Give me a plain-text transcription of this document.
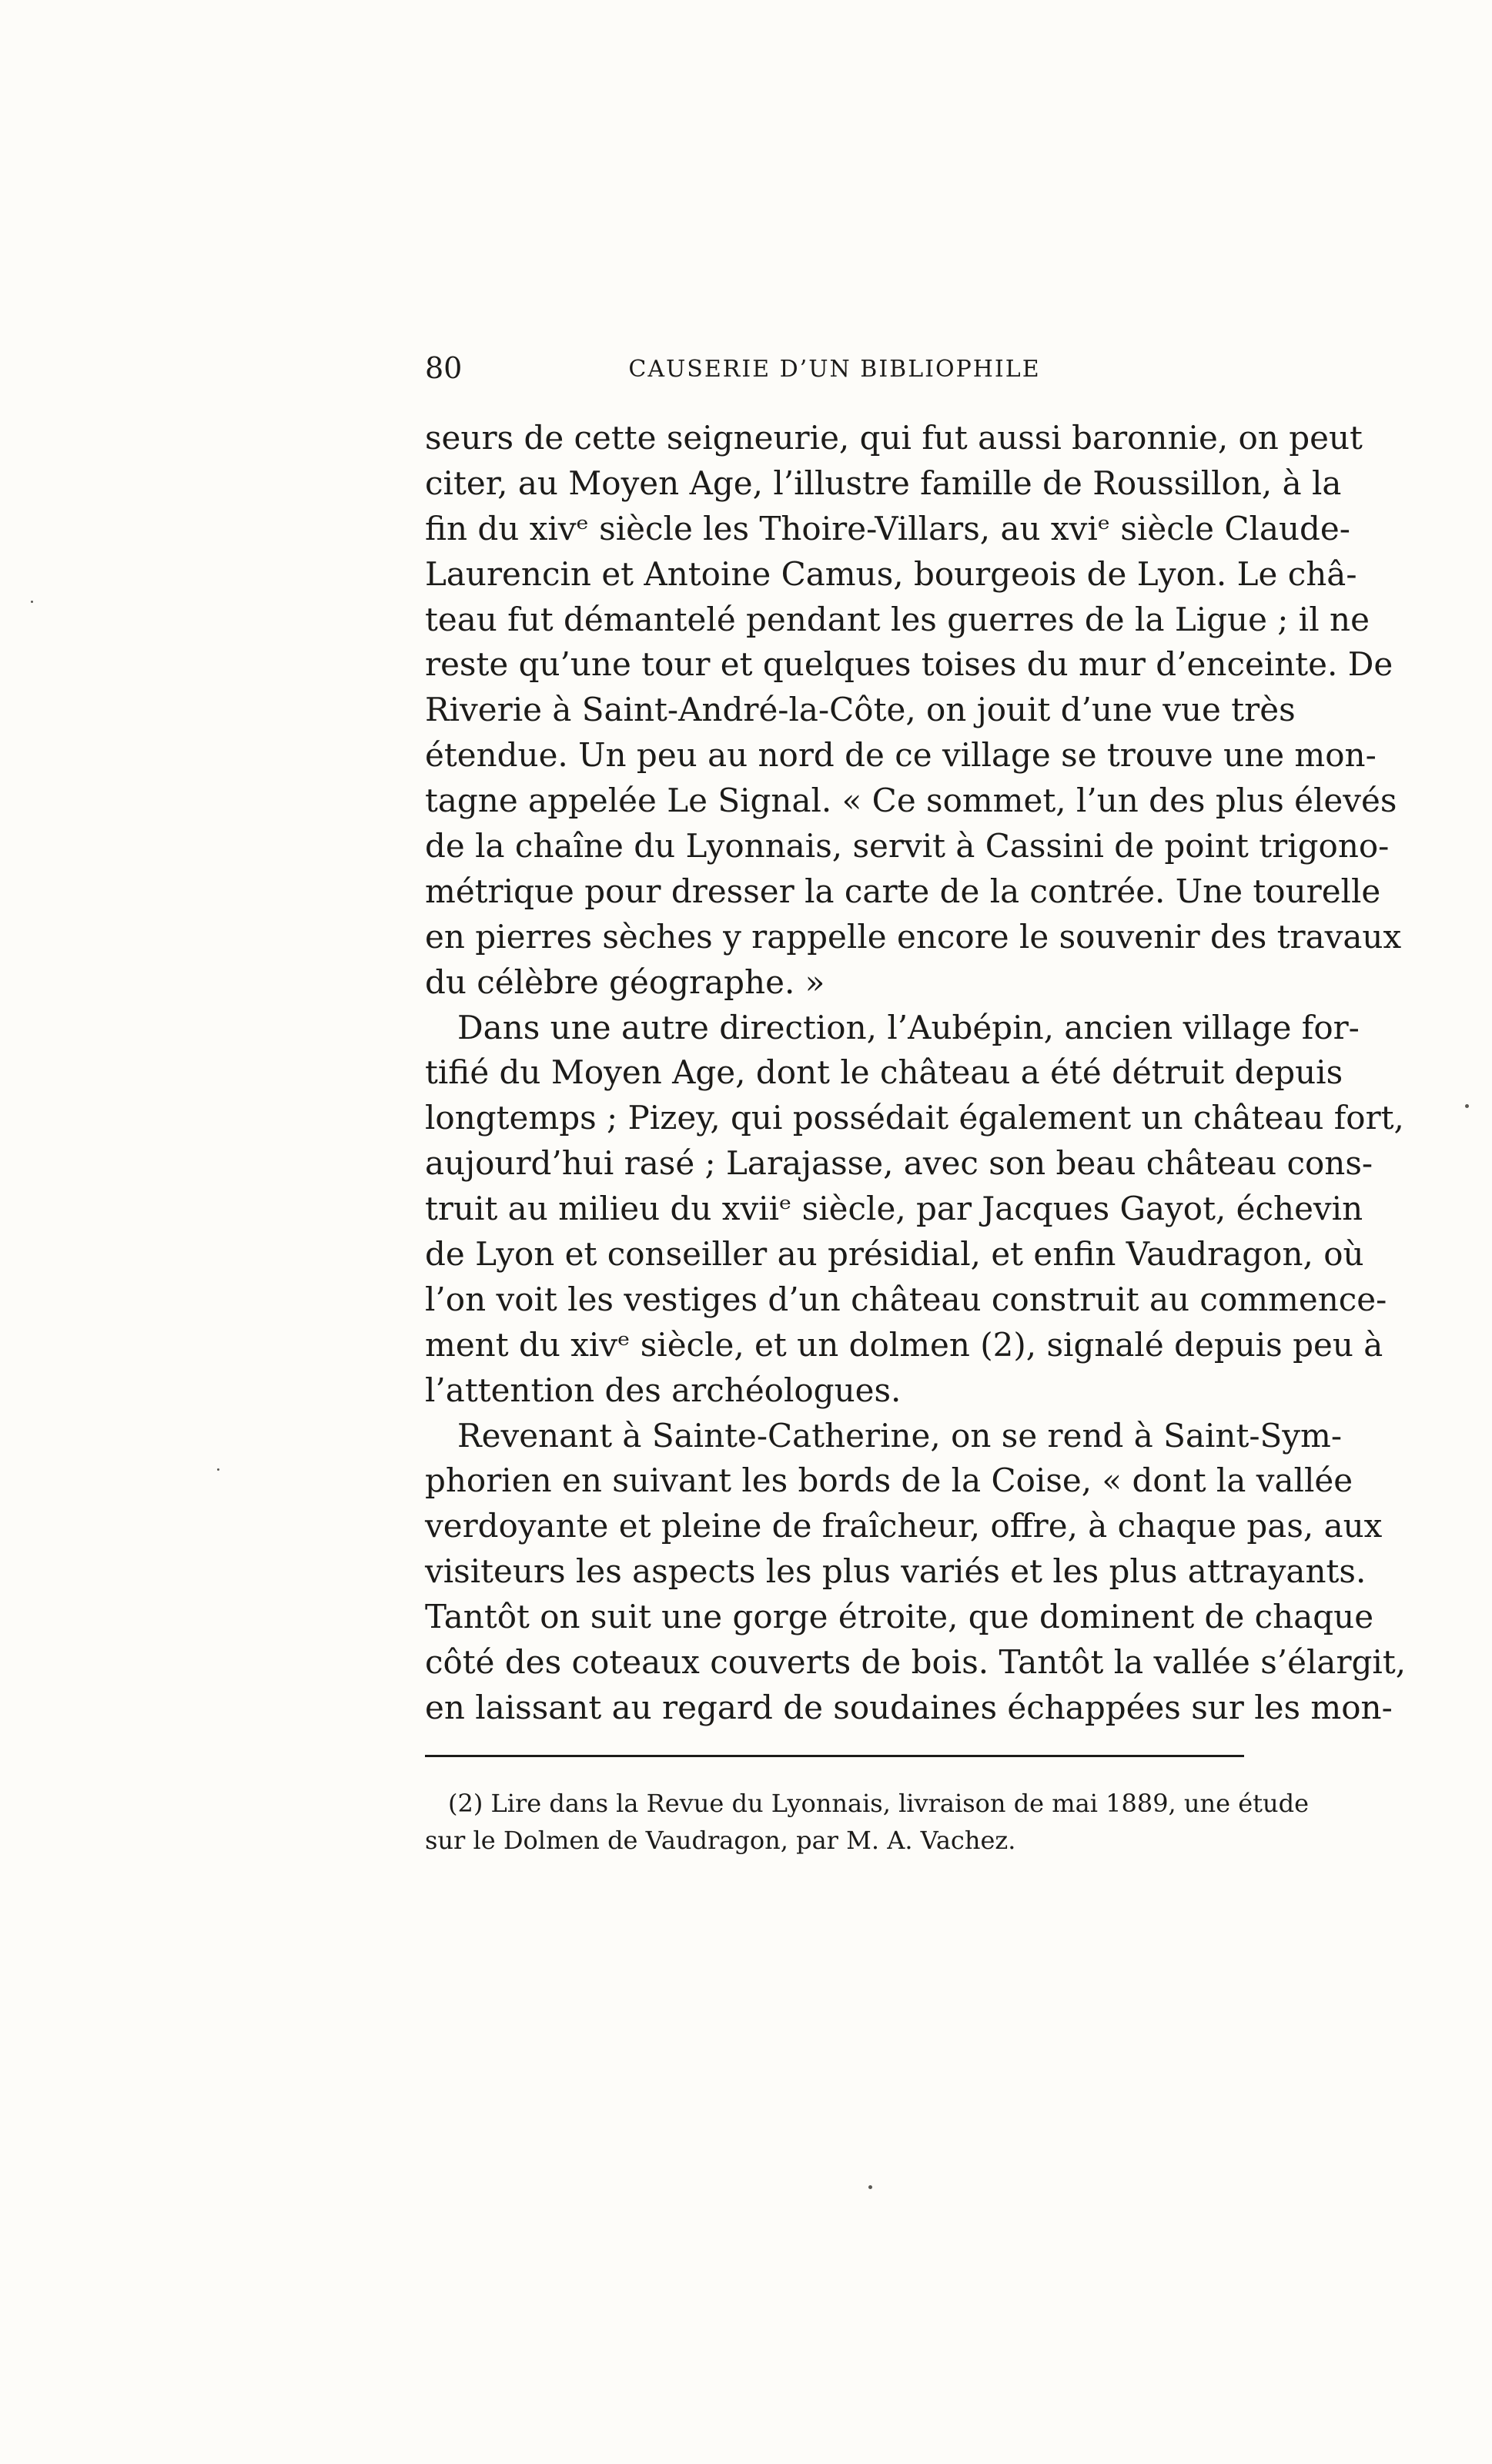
80	CAUSERIE D’UN BIBLIOPHILE
seurs de cette seigneurie, qui fut aussi baronnie, on peut
citer, au Moyen Age, l’illustre famille de Roussillon, à la
fin du xivᵉ siècle les Thoire-Villars, au xviᵉ siècle Claude-
Laurencin et Antoine Camus, bourgeois de Lyon. Le châ-
teau fut démantelé pendant les guerres de la Ligue ; il ne
reste qu’une tour et quelques toises du mur d’enceinte. De
Riverie à Saint-André-la-Côte, on jouit d’une vue très
étendue. Un peu au nord de ce village se trouve une mon-
tagne appelée Le Signal. « Ce sommet, l’un des plus élevés
de la chaîne du Lyonnais, servit à Cassini de point trigono-
métrique pour dresser la carte de la contrée. Une tourelle
en pierres sèches y rappelle encore le souvenir des travaux
du célèbre géographe. »
Dans une autre direction, l’Aubépin, ancien village for-
tifié du Moyen Age, dont le château a été détruit depuis
longtemps ; Pizey, qui possédait également un château fort,
aujourd’hui rasé ; Larajasse, avec son beau château cons-
truit au milieu du xviiᵉ siècle, par Jacques Gayot, échevin
de Lyon et conseiller au présidial, et enfin Vaudragon, où
l’on voit les vestiges d’un château construit au commence-
ment du xivᵉ siècle, et un dolmen (2), signalé depuis peu à
l’attention des archéologues.
Revenant à Sainte-Catherine, on se rend à Saint-Sym-
phorien en suivant les bords de la Coise, « dont la vallée
verdoyante et pleine de fraîcheur, offre, à chaque pas, aux
visiteurs les aspects les plus variés et les plus attrayants.
Tantôt on suit une gorge étroite, que dominent de chaque
côté des coteaux couverts de bois. Tantôt la vallée s’élargit,
en laissant au regard de soudaines échappées sur les mon-
(2) Lire dans la Revue du Lyonnais, livraison de mai 1889, une étude
sur le Dolmen de Vaudragon, par M. A. Vachez.
